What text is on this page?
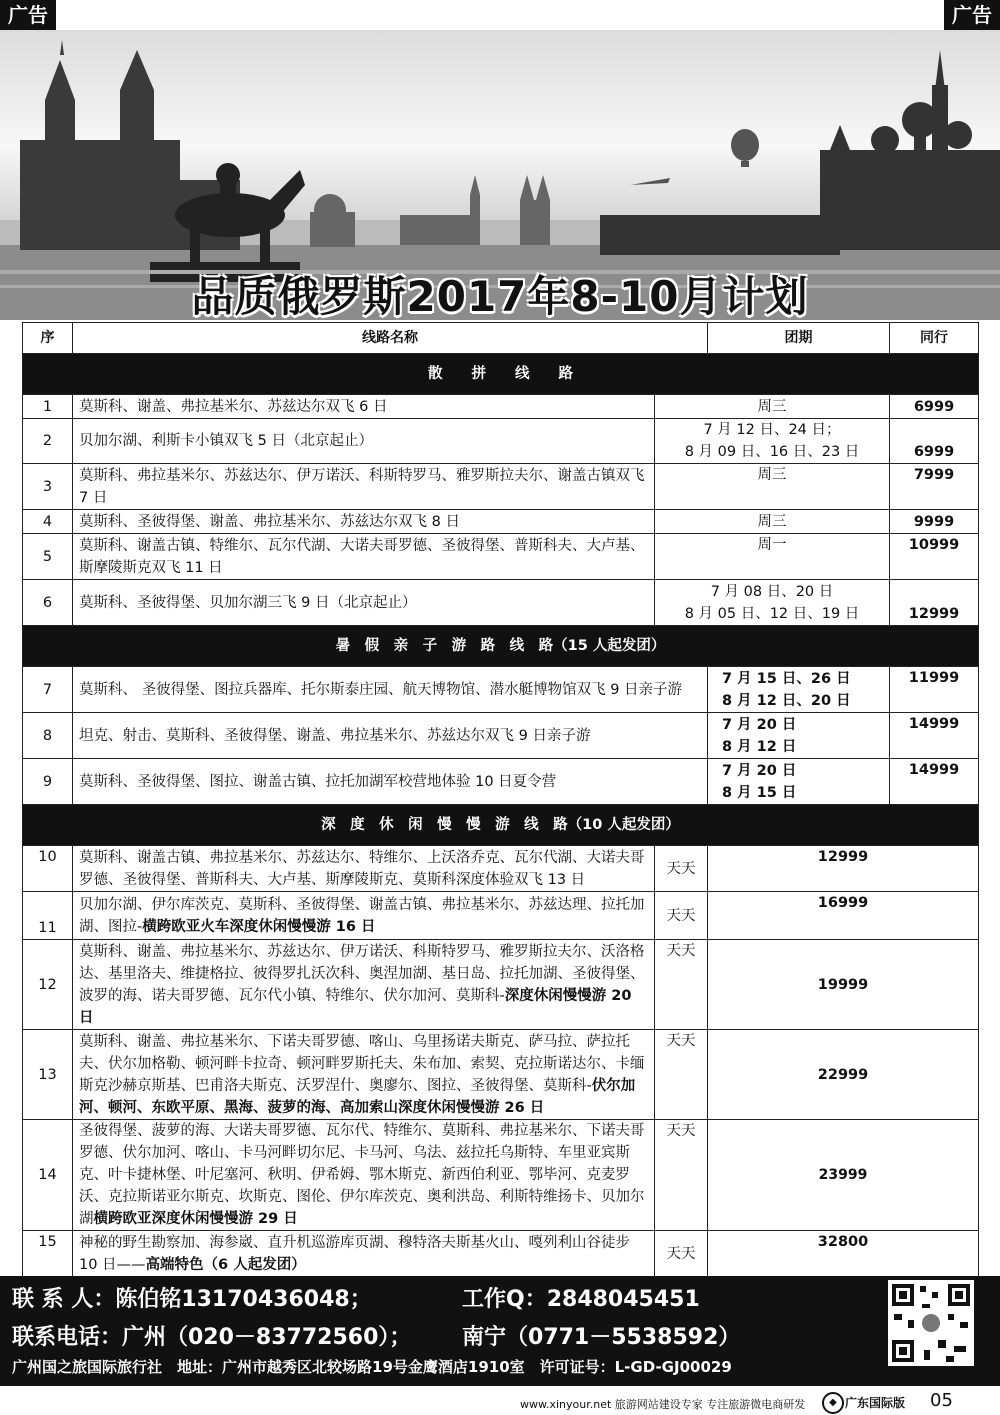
广告	广告
品质俄罗斯2017年8-10月计划
序	线路名称		团期	同行
散　　拼　　线　　路				
1	莫斯科、谢盖、弗拉基米尔、苏兹达尔双飞 6 日	周三		6999
2	贝加尔湖、利斯卡小镇双飞 5 日（北京起止）	7 月 12 日、24 日；
8 月 09 日、16 日、23 日		6999
3	莫斯科、弗拉基米尔、苏兹达尔、伊万诺沃、科斯特罗马、雅罗斯拉夫尔、谢盖古镇双飞 7 日	周三		7999
4	莫斯科、圣彼得堡、谢盖、弗拉基米尔、苏兹达尔双飞 8 日	周三		9999
5	莫斯科、谢盖古镇、特维尔、瓦尔代湖、大诺夫哥罗德、圣彼得堡、普斯科夫、大卢基、斯摩陵斯克双飞 11 日	周一		10999
6	莫斯科、圣彼得堡、贝加尔湖三飞 9 日（北京起止）	7 月 08 日、20 日
8 月 05 日、12 日、19 日		12999
暑　假　亲　子　游　路　线　路（15 人起发团）				
7	莫斯科、 圣彼得堡、图拉兵器库、托尔斯泰庄园、航天博物馆、潜水艇博物馆双飞 9 日亲子游		7 月 15 日、26 日
8 月 12 日、20 日	11999
8	坦克、射击、莫斯科、圣彼得堡、谢盖、弗拉基米尔、苏兹达尔双飞 9 日亲子游		7 月 20 日
8 月 12 日	14999
9	莫斯科、圣彼得堡、图拉、谢盖古镇、拉托加湖军校营地体验 10 日夏令营		7 月 20 日
8 月 15 日	14999
深　度　休　闲　慢　慢　游　线　路（10 人起发团）				
10	莫斯科、谢盖古镇、弗拉基米尔、苏兹达尔、特维尔、上沃洛乔克、瓦尔代湖、大诺夫哥罗德、圣彼得堡、普斯科夫、大卢基、斯摩陵斯克、莫斯科深度体验双飞 13 日	天天	12999	
11	贝加尔湖、伊尔库茨克、莫斯科、圣彼得堡、谢盖古镇、弗拉基米尔、苏兹达理、拉托加湖、图拉-横跨欧亚火车深度休闲慢慢游 16 日	天天	16999	
12	莫斯科、谢盖、弗拉基米尔、苏兹达尔、伊万诺沃、科斯特罗马、雅罗斯拉夫尔、沃洛格达、基里洛夫、维捷格拉、彼得罗扎沃次科、奥涅加湖、基日岛、拉托加湖、圣彼得堡、波罗的海、诺夫哥罗德、瓦尔代小镇、特维尔、伏尔加河、莫斯科-深度休闲慢慢游 20 日	天天	19999	
13	莫斯科、谢盖、弗拉基米尔、下诺夫哥罗德、喀山、乌里扬诺夫斯克、萨马拉、萨拉托夫、伏尔加格勒、顿河畔卡拉奇、顿河畔罗斯托夫、朱布加、索契、克拉斯诺达尔、卡缅斯克沙赫京斯基、巴甫洛夫斯克、沃罗涅什、奥廖尔、图拉、圣彼得堡、莫斯科-伏尔加河、顿河、东欧平原、黑海、菠萝的海、高加索山深度休闲慢慢游 26 日	天天	22999	
14	圣彼得堡、菠萝的海、大诺夫哥罗德、瓦尔代、特维尔、莫斯科、弗拉基米尔、下诺夫哥罗德、伏尔加河、喀山、卡马河畔切尔尼、卡马河、乌法、兹拉托乌斯特、车里亚宾斯克、叶卡捷林堡、叶尼塞河、秋明、伊希姆、鄂木斯克、新西伯利亚、鄂毕河、克麦罗沃、克拉斯诺亚尔斯克、坎斯克、图伦、伊尔库茨克、奥利洪岛、利斯特维扬卡、贝加尔湖横跨欧亚深度休闲慢慢游 29 日	天天	23999	
15	神秘的野生勘察加、海参崴、直升机巡游库页湖、穆特洛夫斯基火山、嘎列利山谷徒步 10 日——高端特色（6 人起发团）	天天	32800	
联 系 人：陈伯铭13170436048；	工作Q：2848045451
联系电话：广州（020－83772560）； 南宁（0771－5538592）
广州国之旅国际旅行社　地址：广州市越秀区北较场路19号金鹰酒店1910室　许可证号：L-GD-GJ00029
www.xinyour.net 旅游网站建设专家 专注旅游微电商研发	◆ 广东国际版 05
